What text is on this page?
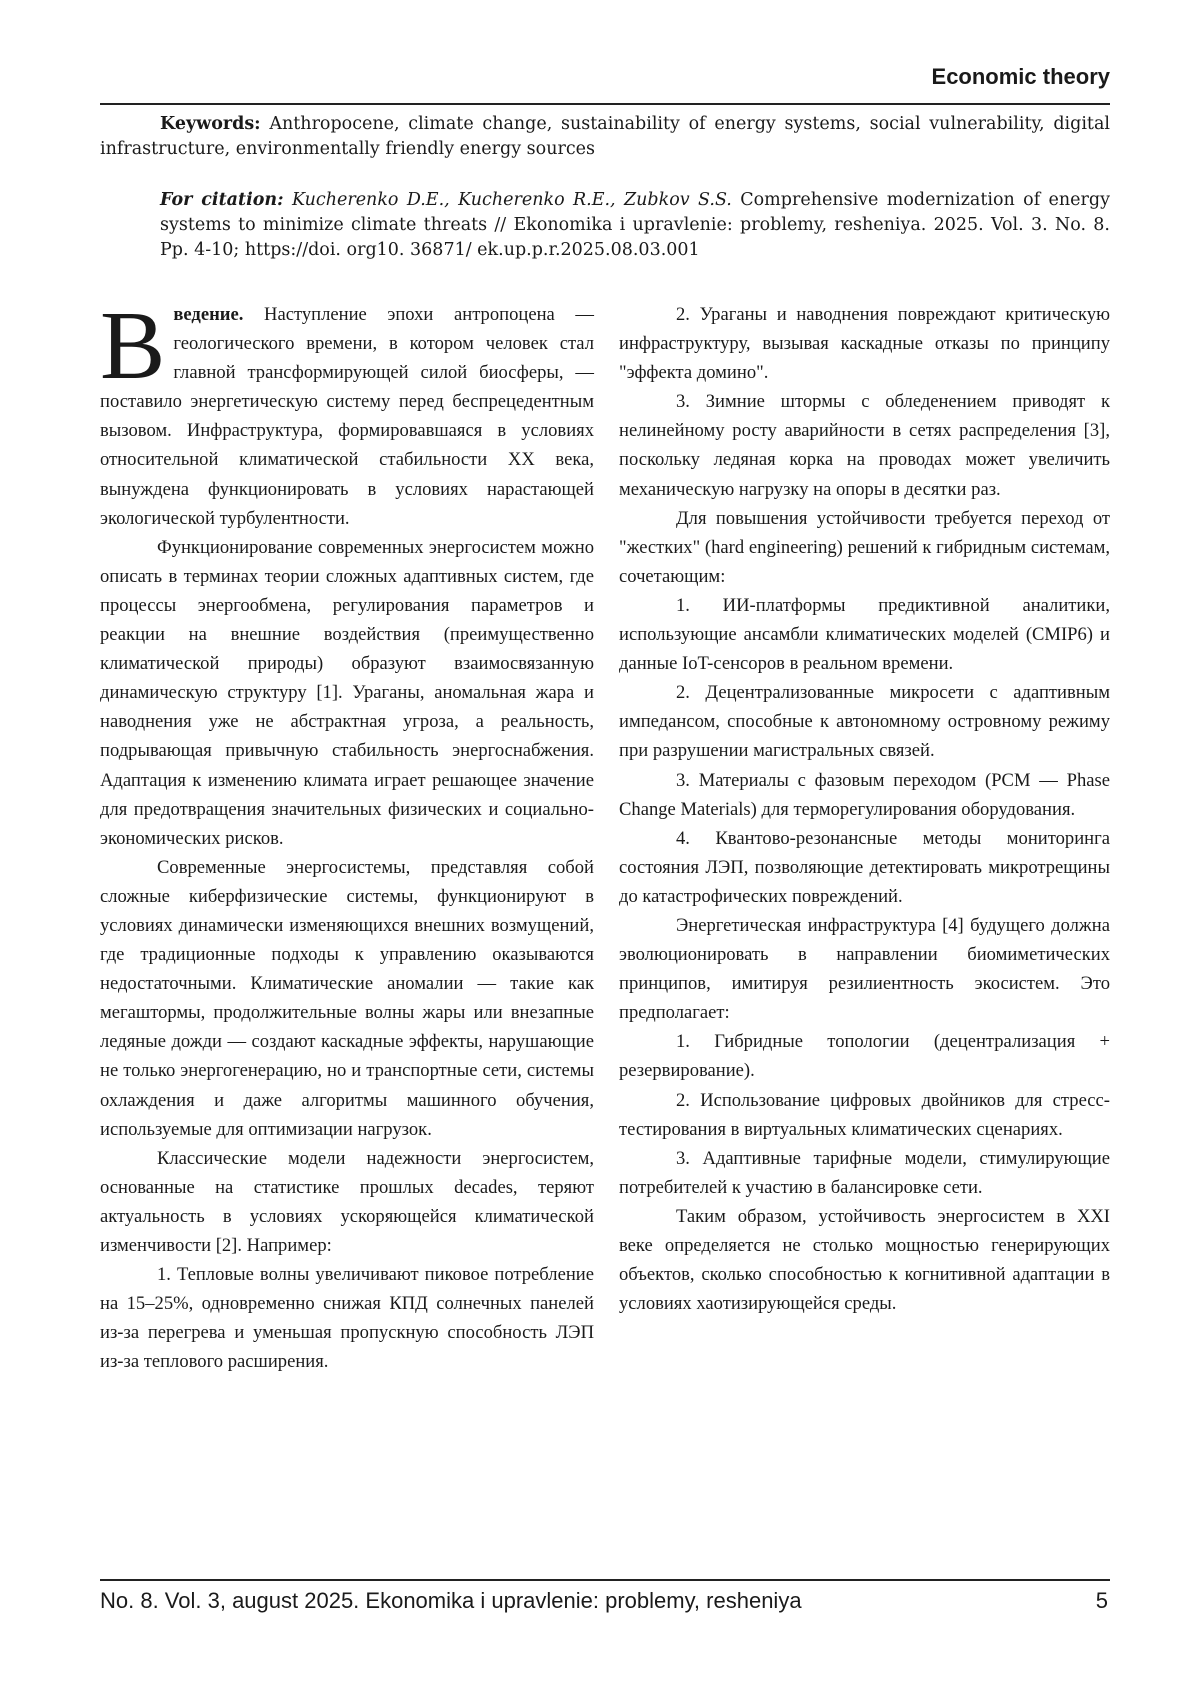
Economic theory
Keywords: Anthropocene, climate change, sustainability of energy systems, social vulnerability, digital infrastructure, environmentally friendly energy sources
For citation: Kucherenko D.E., Kucherenko R.E., Zubkov S.S. Comprehensive modernization of energy systems to minimize climate threats // Ekonomika i upravlenie: problemy, resheniya. 2025. Vol. 3. No. 8. Pp. 4-10; https://doi. org10. 36871/ ek.up.p.r.2025.08.03.001

Введение. Наступление эпохи антропоцена — геологического времени, в котором человек стал главной трансформирующей силой биосферы, — поставило энергетическую систему перед беспрецедентным вызовом. Инфраструктура, формировавшаяся в условиях относительной климатической стабильности XX века, вынуждена функционировать в условиях нарастающей экологической турбулентности.

Функционирование современных энергосистем можно описать в терминах теории сложных адаптивных систем, где процессы энергообмена, регулирования параметров и реакции на внешние воздействия (преимущественно климатической природы) образуют взаимосвязанную динамическую структуру [1]. Ураганы, аномальная жара и наводнения уже не абстрактная угроза, а реальность, подрывающая привычную стабильность энергоснабжения. Адаптация к изменению климата играет решающее значение для предотвращения значительных физических и социально-экономических рисков.

Современные энергосистемы, представляя собой сложные киберфизические системы, функционируют в условиях динамически изменяющихся внешних возмущений, где традиционные подходы к управлению оказываются недостаточными. Климатические аномалии — такие как мегаштормы, продолжительные волны жары или внезапные ледяные дожди — создают каскадные эффекты, нарушающие не только энергогенерацию, но и транспортные сети, системы охлаждения и даже алгоритмы машинного обучения, используемые для оптимизации нагрузок.

Классические модели надежности энергосистем, основанные на статистике прошлых decades, теряют актуальность в условиях ускоряющейся климатической изменчивости [2]. Например:

1. Тепловые волны увеличивают пиковое потребление на 15–25%, одновременно снижая КПД солнечных панелей из-за перегрева и уменьшая пропускную способность ЛЭП из-за теплового расширения.

2. Ураганы и наводнения повреждают критическую инфраструктуру, вызывая каскадные отказы по принципу "эффекта домино".

3. Зимние штормы с обледенением приводят к нелинейному росту аварийности в сетях распределения [3], поскольку ледяная корка на проводах может увеличить механическую нагрузку на опоры в десятки раз.

Для повышения устойчивости требуется переход от "жестких" (hard engineering) решений к гибридным системам, сочетающим:

1. ИИ-платформы предиктивной аналитики, использующие ансамбли климатических моделей (CMIP6) и данные IoT-сенсоров в реальном времени.

2. Децентрализованные микросети с адаптивным импедансом, способные к автономному островному режиму при разрушении магистральных связей.

3. Материалы с фазовым переходом (PCM — Phase Change Materials) для терморегулирования оборудования.

4. Квантово-резонансные методы мониторинга состояния ЛЭП, позволяющие детектировать микротрещины до катастрофических повреждений.

Энергетическая инфраструктура [4] будущего должна эволюционировать в направлении биомиметических принципов, имитируя резилиентность экосистем. Это предполагает:

1. Гибридные топологии (децентрализация + резервирование).

2. Использование цифровых двойников для стресс-тестирования в виртуальных климатических сценариях.

3. Адаптивные тарифные модели, стимулирующие потребителей к участию в балансировке сети.

Таким образом, устойчивость энергосистем в XXI веке определяется не столько мощностью генерирующих объектов, сколько способностью к когнитивной адаптации в условиях хаотизирующейся среды.

No. 8. Vol. 3, august 2025. Ekonomika i upravlenie: problemy, resheniya	5
